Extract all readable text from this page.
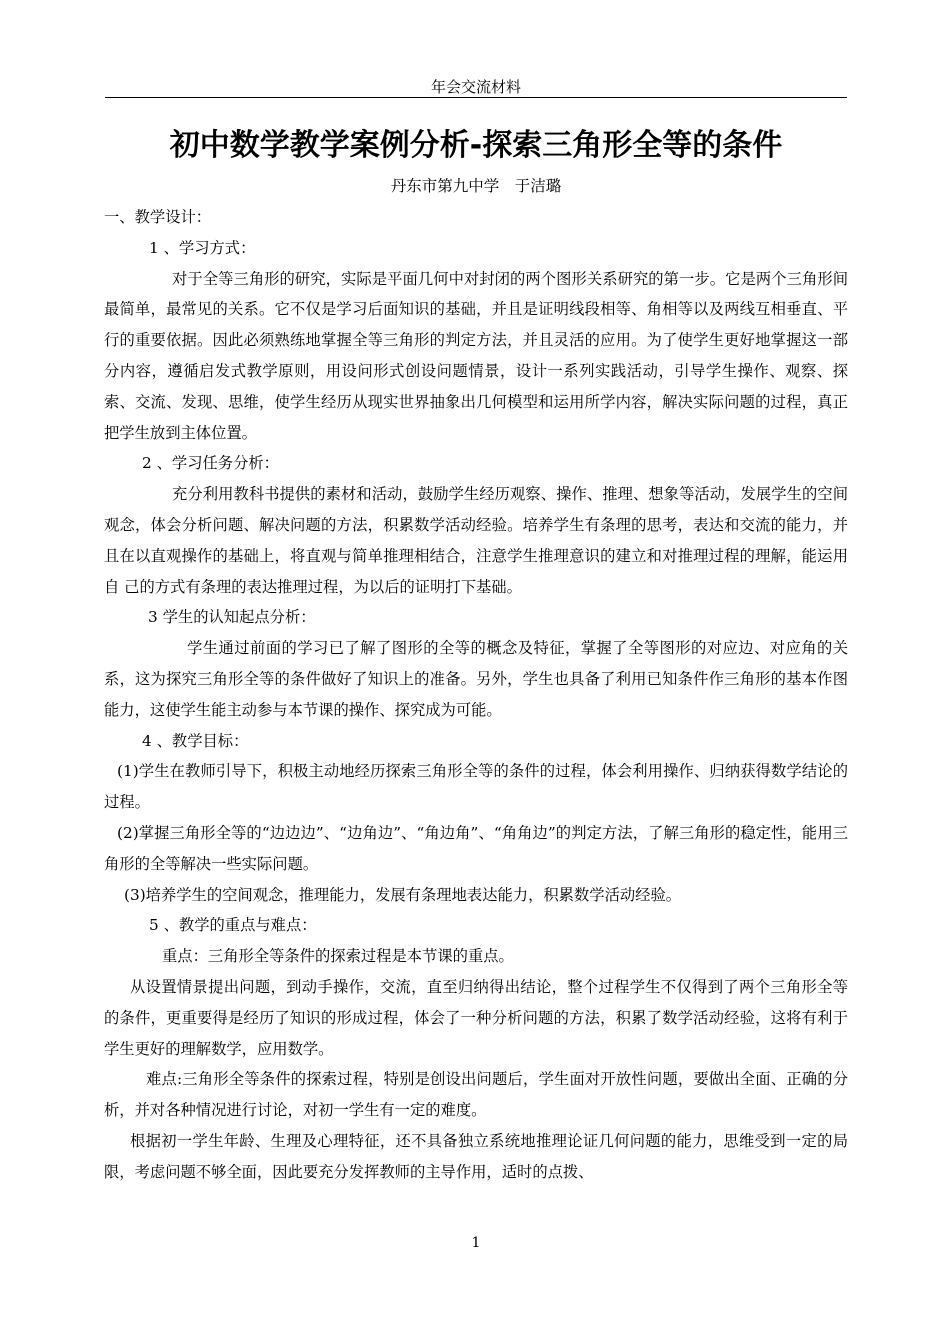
年会交流材料
初中数学教学案例分析-探索三角形全等的条件
丹东市第九中学　于洁璐

一、教学设计：

1 、学习方式：

对于全等三角形的研究，实际是平面几何中对封闭的两个图形关系研究的第一步。它是两个三角形间最简单，最常见的关系。它不仅是学习后面知识的基础，并且是证明线段相等、角相等以及两线互相垂直、平行的重要依据。因此必须熟练地掌握全等三角形的判定方法，并且灵活的应用。为了使学生更好地掌握这一部分内容，遵循启发式教学原则，用设问形式创设问题情景，设计一系列实践活动，引导学生操作、观察、探索、交流、发现、思维，使学生经历从现实世界抽象出几何模型和运用所学内容，解决实际问题的过程，真正把学生放到主体位置。

2 、学习任务分析：

充分利用教科书提供的素材和活动，鼓励学生经历观察、操作、推理、想象等活动，发展学生的空间观念，体会分析问题、解决问题的方法，积累数学活动经验。培养学生有条理的思考，表达和交流的能力，并且在以直观操作的基础上，将直观与简单推理相结合，注意学生推理意识的建立和对推理过程的理解，能运用自 己的方式有条理的表达推理过程，为以后的证明打下基础。

3 学生的认知起点分析：

学生通过前面的学习已了解了图形的全等的概念及特征，掌握了全等图形的对应边、对应角的关系，这为探究三角形全等的条件做好了知识上的准备。另外，学生也具备了利用已知条件作三角形的基本作图能力，这使学生能主动参与本节课的操作、探究成为可能。

4 、教学目标：

(1)学生在教师引导下，积极主动地经历探索三角形全等的条件的过程，体会利用操作、归纳获得数学结论的过程。

(2)掌握三角形全等的“边边边”、“边角边”、“角边角”、“角角边”的判定方法，了解三角形的稳定性，能用三角形的全等解决一些实际问题。

(3)培养学生的空间观念，推理能力，发展有条理地表达能力，积累数学活动经验。

5 、教学的重点与难点：

重点：三角形全等条件的探索过程是本节课的重点。

从设置情景提出问题，到动手操作，交流，直至归纳得出结论，整个过程学生不仅得到了两个三角形全等的条件，更重要得是经历了知识的形成过程，体会了一种分析问题的方法，积累了数学活动经验，这将有利于学生更好的理解数学，应用数学。

难点:三角形全等条件的探索过程，特别是创设出问题后，学生面对开放性问题，要做出全面、正确的分析，并对各种情况进行讨论，对初一学生有一定的难度。

根据初一学生年龄、生理及心理特征，还不具备独立系统地推理论证几何问题的能力，思维受到一定的局限，考虑问题不够全面，因此要充分发挥教师的主导作用，适时的点拨、

1
